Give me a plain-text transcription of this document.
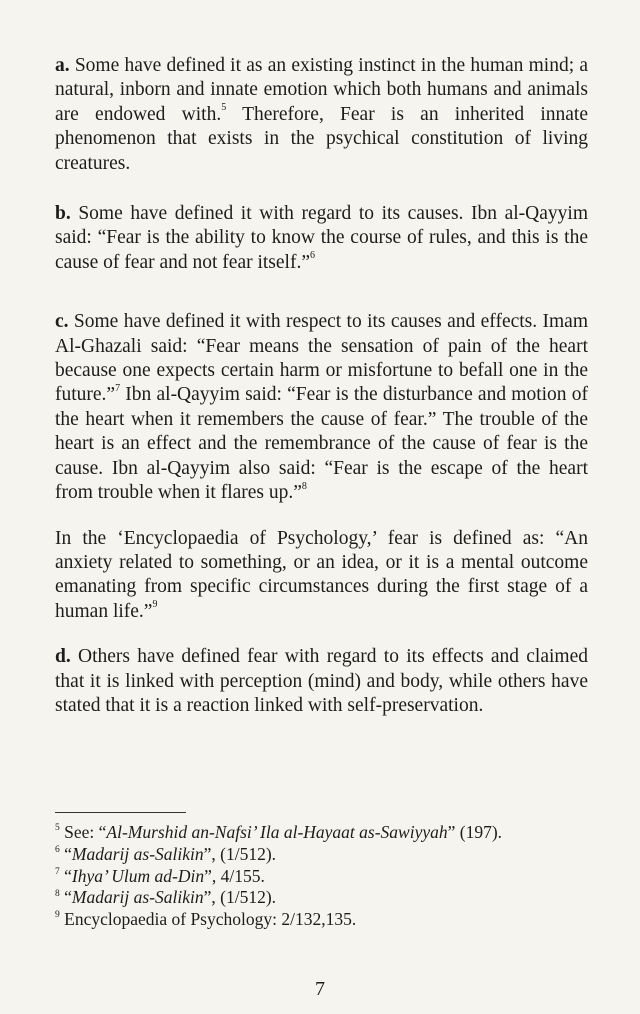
a. Some have defined it as an existing instinct in the human mind; a natural, inborn and innate emotion which both humans and animals are endowed with.$^5$ Therefore, Fear is an inherited innate phenomenon that exists in the psychical constitution of living creatures.

b. Some have defined it with regard to its causes. Ibn al-Qayyim said: “Fear is the ability to know the course of rules, and this is the cause of fear and not fear itself.”$^6$

c. Some have defined it with respect to its causes and effects. Imam Al-Ghazali said: “Fear means the sensation of pain of the heart because one expects certain harm or misfortune to befall one in the future.”$^7$ Ibn al-Qayyim said: “Fear is the disturbance and motion of the heart when it remembers the cause of fear.” The trouble of the heart is an effect and the remembrance of the cause of fear is the cause. Ibn al-Qayyim also said: “Fear is the escape of the heart from trouble when it flares up.”$^8$

In the ‘Encyclopaedia of Psychology,’ fear is defined as: “An anxiety related to something, or an idea, or it is a mental outcome emanating from specific circumstances during the first stage of a human life.”$^9$

d. Others have defined fear with regard to its effects and claimed that it is linked with perception (mind) and body, while others have stated that it is a reaction linked with self-preservation.

$^5$ See: “Al-Murshid an-Nafsi’ Ila al-Hayaat as-Sawiyyah” (197).

$^6$ “Madarij as-Salikin”, (1/512).

$^7$ “Ihya’ Ulum ad-Din”, 4/155.

$^8$ “Madarij as-Salikin”, (1/512).

$^9$ Encyclopaedia of Psychology: 2/132,135.

7
